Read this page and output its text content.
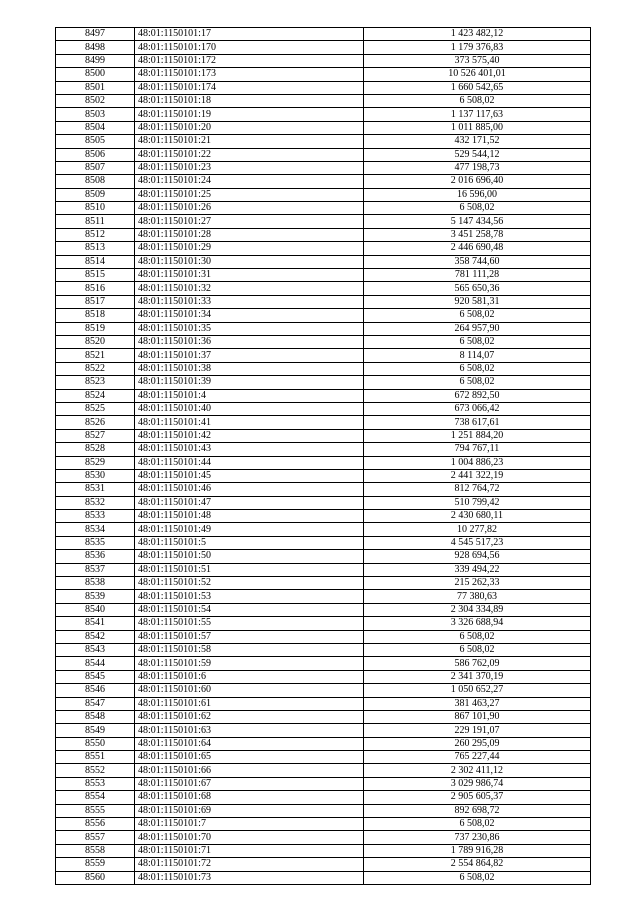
8497	48:01:1150101:17	1 423 482,12
8498	48:01:1150101:170	1 179 376,83
8499	48:01:1150101:172	373 575,40
8500	48:01:1150101:173	10 526 401,01
8501	48:01:1150101:174	1 660 542,65
8502	48:01:1150101:18	6 508,02
8503	48:01:1150101:19	1 137 117,63
8504	48:01:1150101:20	1 011 885,00
8505	48:01:1150101:21	432 171,52
8506	48:01:1150101:22	529 544,12
8507	48:01:1150101:23	477 198,73
8508	48:01:1150101:24	2 016 696,40
8509	48:01:1150101:25	16 596,00
8510	48:01:1150101:26	6 508,02
8511	48:01:1150101:27	5 147 434,56
8512	48:01:1150101:28	3 451 258,78
8513	48:01:1150101:29	2 446 690,48
8514	48:01:1150101:30	358 744,60
8515	48:01:1150101:31	781 111,28
8516	48:01:1150101:32	565 650,36
8517	48:01:1150101:33	920 581,31
8518	48:01:1150101:34	6 508,02
8519	48:01:1150101:35	264 957,90
8520	48:01:1150101:36	6 508,02
8521	48:01:1150101:37	8 114,07
8522	48:01:1150101:38	6 508,02
8523	48:01:1150101:39	6 508,02
8524	48:01:1150101:4	672 892,50
8525	48:01:1150101:40	673 066,42
8526	48:01:1150101:41	738 617,61
8527	48:01:1150101:42	1 251 884,20
8528	48:01:1150101:43	794 767,11
8529	48:01:1150101:44	1 004 886,23
8530	48:01:1150101:45	2 441 322,19
8531	48:01:1150101:46	812 764,72
8532	48:01:1150101:47	510 799,42
8533	48:01:1150101:48	2 430 680,11
8534	48:01:1150101:49	10 277,82
8535	48:01:1150101:5	4 545 517,23
8536	48:01:1150101:50	928 694,56
8537	48:01:1150101:51	339 494,22
8538	48:01:1150101:52	215 262,33
8539	48:01:1150101:53	77 380,63
8540	48:01:1150101:54	2 304 334,89
8541	48:01:1150101:55	3 326 688,94
8542	48:01:1150101:57	6 508,02
8543	48:01:1150101:58	6 508,02
8544	48:01:1150101:59	586 762,09
8545	48:01:1150101:6	2 341 370,19
8546	48:01:1150101:60	1 050 652,27
8547	48:01:1150101:61	381 463,27
8548	48:01:1150101:62	867 101,90
8549	48:01:1150101:63	229 191,07
8550	48:01:1150101:64	260 295,09
8551	48:01:1150101:65	765 227,44
8552	48:01:1150101:66	2 302 411,12
8553	48:01:1150101:67	3 029 986,74
8554	48:01:1150101:68	2 905 605,37
8555	48:01:1150101:69	892 698,72
8556	48:01:1150101:7	6 508,02
8557	48:01:1150101:70	737 230,86
8558	48:01:1150101:71	1 789 916,28
8559	48:01:1150101:72	2 554 864,82
8560	48:01:1150101:73	6 508,02
